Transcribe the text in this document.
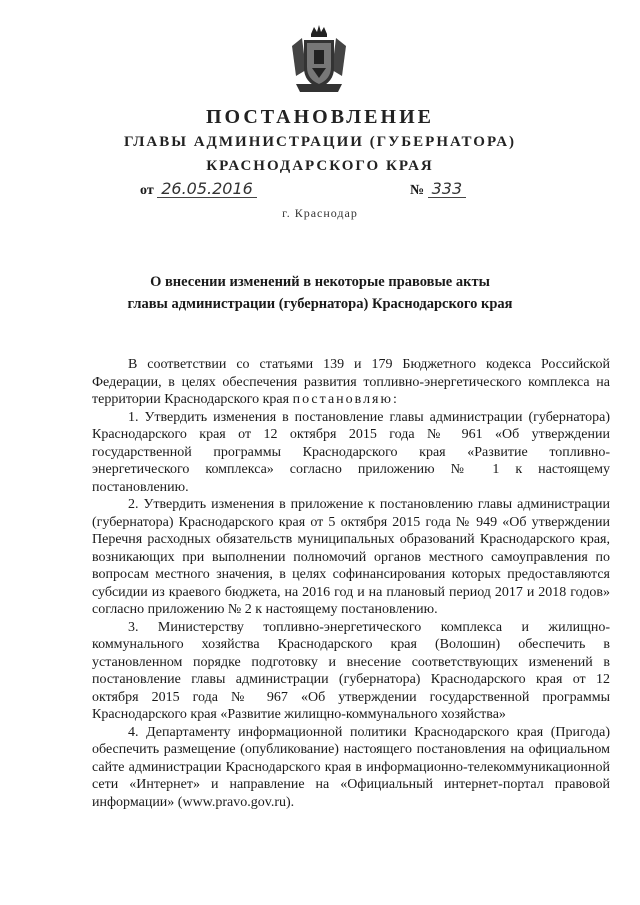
ПОСТАНОВЛЕНИЕ
ГЛАВЫ АДМИНИСТРАЦИИ (ГУБЕРНАТОРА)
КРАСНОДАРСКОГО КРАЯ
от 26.05.2016	№ 333
г. Краснодар
О внесении изменений в некоторые правовые акты
главы администрации (губернатора) Краснодарского края

В соответствии со статьями 139 и 179 Бюджетного кодекса Российской Федерации, в целях обеспечения развития топливно-энергетического комплекса на территории Краснодарского края постановляю:

1. Утвердить изменения в постановление главы администрации (губернатора) Краснодарского края от 12 октября 2015 года № 961 «Об утверждении государственной программы Краснодарского края «Развитие топливно-энергетического комплекса» согласно приложению № 1 к настоящему постановлению.

2. Утвердить изменения в приложение к постановлению главы администрации (губернатора) Краснодарского края от 5 октября 2015 года № 949 «Об утверждении Перечня расходных обязательств муниципальных образований Краснодарского края, возникающих при выполнении полномочий органов местного самоуправления по вопросам местного значения, в целях софинансирования которых предоставляются субсидии из краевого бюджета, на 2016 год и на плановый период 2017 и 2018 годов» согласно приложению № 2 к настоящему постановлению.

3. Министерству топливно-энергетического комплекса и жилищно-коммунального хозяйства Краснодарского края (Волошин) обеспечить в установленном порядке подготовку и внесение соответствующих изменений в постановление главы администрации (губернатора) Краснодарского края от 12 октября 2015 года № 967 «Об утверждении государственной программы Краснодарского края «Развитие жилищно-коммунального хозяйства»

4. Департаменту информационной политики Краснодарского края (Пригода) обеспечить размещение (опубликование) настоящего постановления на официальном сайте администрации Краснодарского края в информационно-телекоммуникационной сети «Интернет» и направление на «Официальный интернет-портал правовой информации» (www.pravo.gov.ru).
